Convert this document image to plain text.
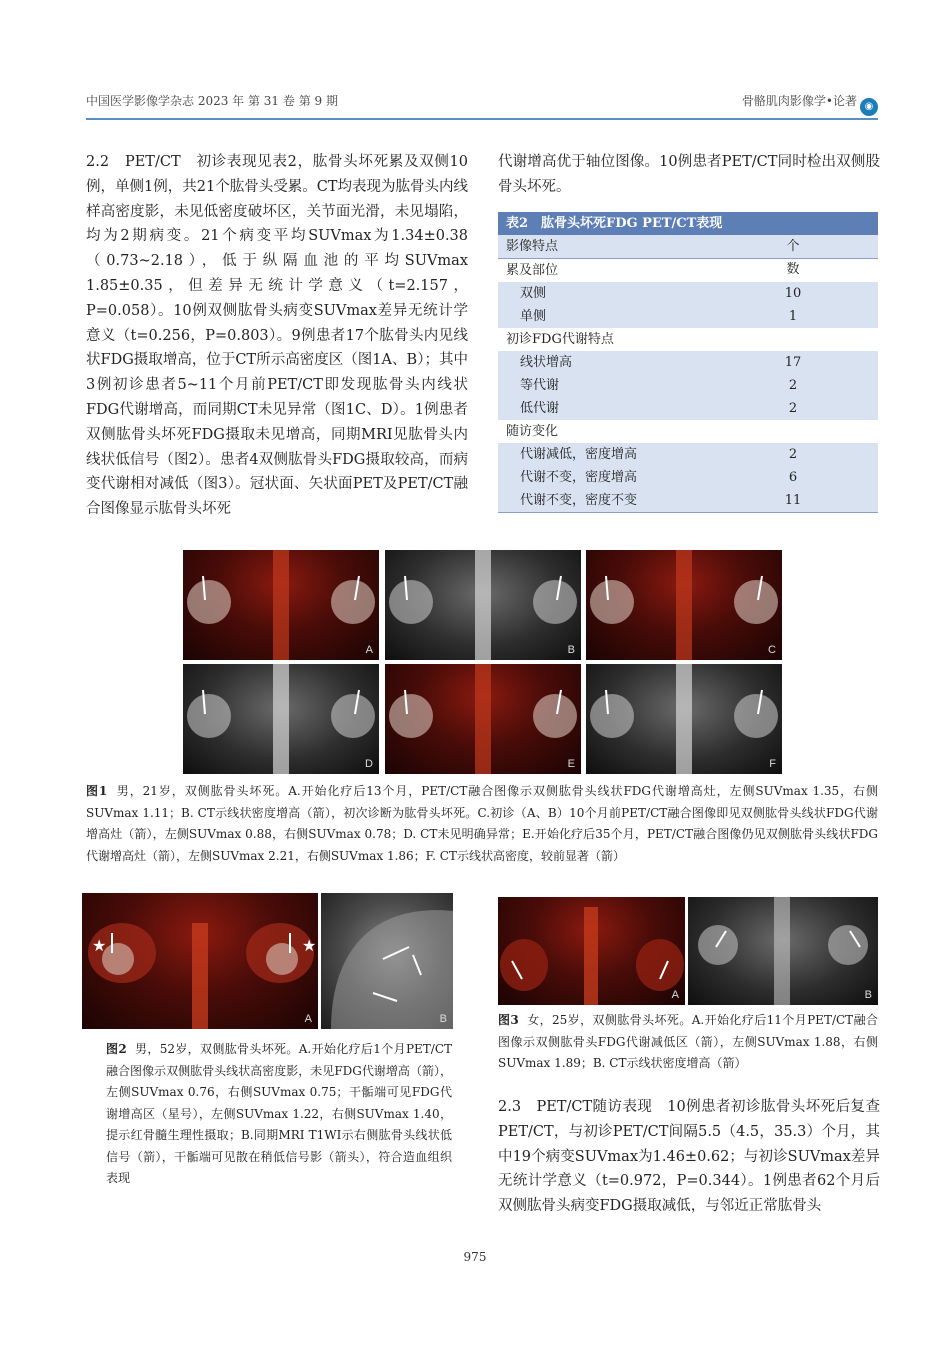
中国医学影像学杂志 2023 年 第 31 卷 第 9 期	骨骼肌肉影像学•论著 ◉

2.2　PET/CT　初诊表现见表2，肱骨头坏死累及双侧10例，单侧1例，共21个肱骨头受累。CT均表现为肱骨头内线样高密度影，未见低密度破坏区，关节面光滑，未见塌陷，均为2期病变。21个病变平均SUVmax为1.34±0.38（0.73~2.18），低于纵隔血池的平均SUVmax 1.85±0.35，但差异无统计学意义（t=2.157，P=0.058）。10例双侧肱骨头病变SUVmax差异无统计学意义（t=0.256，P=0.803）。9例患者17个肱骨头内见线状FDG摄取增高，位于CT所示高密度区（图1A、B）；其中3例初诊患者5~11个月前PET/CT即发现肱骨头内线状FDG代谢增高，而同期CT未见异常（图1C、D）。1例患者双侧肱骨头坏死FDG摄取未见增高，同期MRI见肱骨头内线状低信号（图2）。患者4双侧肱骨头FDG摄取较高，而病变代谢相对减低（图3）。冠状面、矢状面PET及PET/CT融合图像显示肱骨头坏死

代谢增高优于轴位图像。10例患者PET/CT同时检出双侧股骨头坏死。

表2　肱骨头坏死FDG PET/CT表现
影像特点	个数
累及部位
双侧	10
单侧	1
初诊FDG代谢特点
线状增高	17
等代谢	2
低代谢	2
随访变化
代谢减低，密度增高	2
代谢不变，密度增高	6
代谢不变，密度不变	11
A	B	C
D	E	F
图1 男，21岁，双侧肱骨头坏死。A.开始化疗后13个月，PET/CT融合图像示双侧肱骨头线状FDG代谢增高灶，左侧SUVmax 1.35，右侧SUVmax 1.11；B. CT示线状密度增高（箭），初次诊断为肱骨头坏死。C.初诊（A、B）10个月前PET/CT融合图像即见双侧肱骨头线状FDG代谢增高灶（箭），左侧SUVmax 0.88，右侧SUVmax 0.78；D. CT未见明确异常；E.开始化疗后35个月，PET/CT融合图像仍见双侧肱骨头线状FDG代谢增高灶（箭），左侧SUVmax 2.21，右侧SUVmax 1.86；F. CT示线状高密度，较前显著（箭）
★	★
A	B
图2 男，52岁，双侧肱骨头坏死。A.开始化疗后1个月PET/CT融合图像示双侧肱骨头线状高密度影，未见FDG代谢增高（箭），左侧SUVmax 0.76，右侧SUVmax 0.75；干骺端可见FDG代谢增高区（星号），左侧SUVmax 1.22，右侧SUVmax 1.40，提示红骨髓生理性摄取；B.同期MRI T1WI示右侧肱骨头线状低信号（箭），干骺端可见散在稍低信号影（箭头），符合造血组织表现
A	B
图3 女，25岁，双侧肱骨头坏死。A.开始化疗后11个月PET/CT融合图像示双侧肱骨头FDG代谢减低区（箭），左侧SUVmax 1.88，右侧SUVmax 1.89；B. CT示线状密度增高（箭）

2.3　PET/CT随访表现　10例患者初诊肱骨头坏死后复查PET/CT，与初诊PET/CT间隔5.5（4.5，35.3）个月，其中19个病变SUVmax为1.46±0.62；与初诊SUVmax差异无统计学意义（t=0.972，P=0.344）。1例患者62个月后双侧肱骨头病变FDG摄取减低，与邻近正常肱骨头

975
